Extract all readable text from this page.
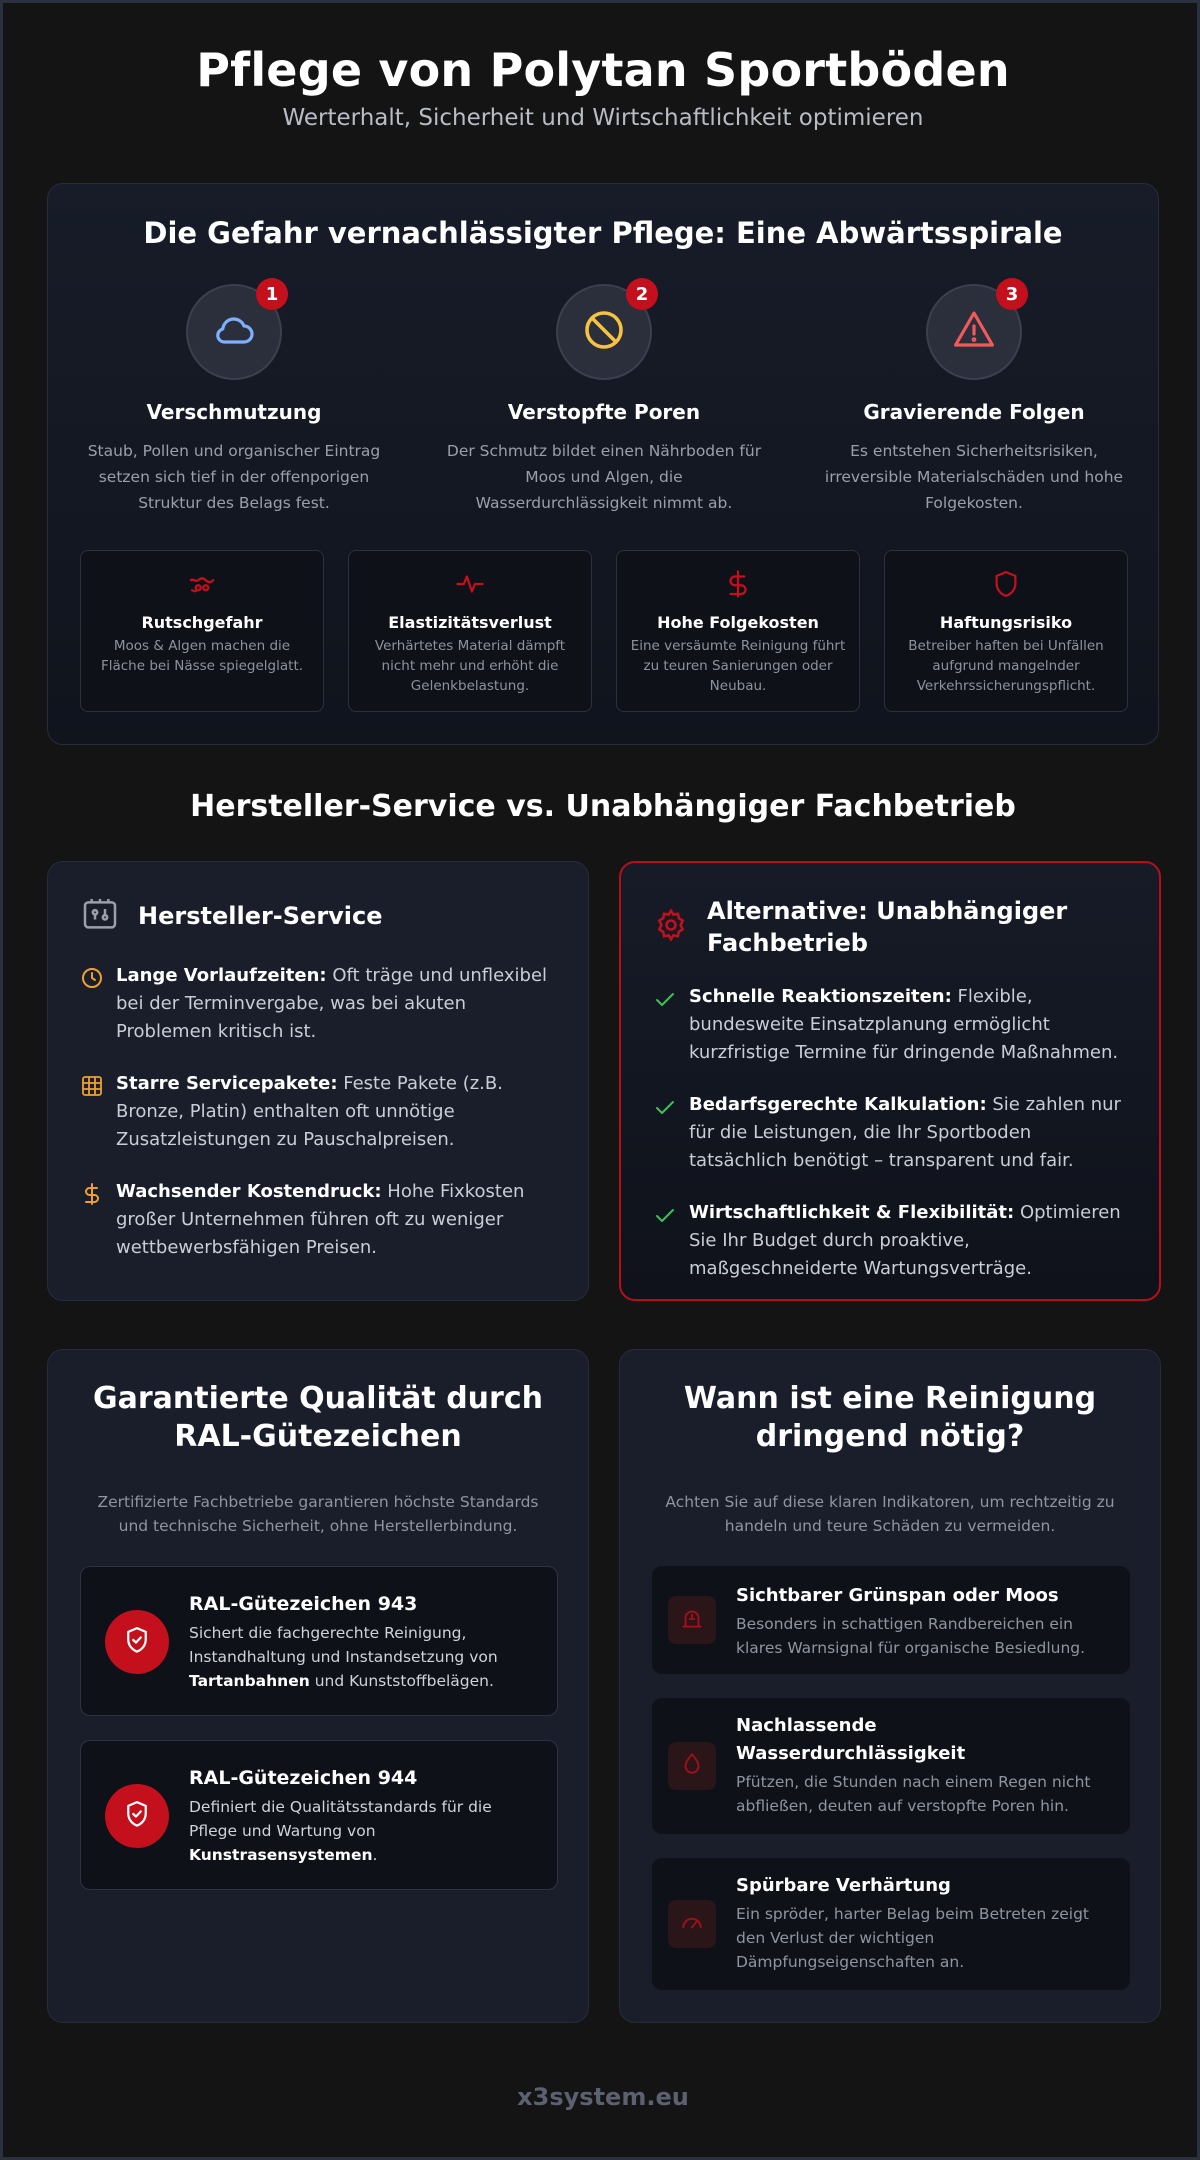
Pflege von Polytan Sportböden

Werterhalt, Sicherheit und Wirtschaftlichkeit optimieren

Die Gefahr vernachlässigter Pflege: Eine Abwärtsspirale
1
Verschmutzung

Staub, Pollen und organischer Eintrag setzen sich tief in der offenporigen Struktur des Belags fest.

2
Verstopfte Poren

Der Schmutz bildet einen Nährboden für Moos und Algen, die Wasserdurchlässigkeit nimmt ab.

3
Gravierende Folgen

Es entstehen Sicherheitsrisiken, irreversible Materialschäden und hohe Folgekosten.

Rutschgefahr

Moos & Algen machen die Fläche bei Nässe spiegelglatt.

Elastizitätsverlust

Verhärtetes Material dämpft nicht mehr und erhöht die Gelenkbelastung.

Hohe Folgekosten

Eine versäumte Reinigung führt zu teuren Sanierungen oder Neubau.

Haftungsrisiko

Betreiber haften bei Unfällen aufgrund mangelnder Verkehrssicherungspflicht.

Hersteller-Service vs. Unabhängiger Fachbetrieb
Hersteller-Service
Lange Vorlaufzeiten: Oft träge und unflexibel bei der Terminvergabe, was bei akuten Problemen kritisch ist.
Starre Servicepakete: Feste Pakete (z.B. Bronze, Platin) enthalten oft unnötige Zusatzleistungen zu Pauschalpreisen.
Wachsender Kostendruck: Hohe Fixkosten großer Unternehmen führen oft zu weniger wettbewerbsfähigen Preisen.
Alternative: Unabhängiger Fachbetrieb
Schnelle Reaktionszeiten: Flexible, bundesweite Einsatzplanung ermöglicht kurzfristige Termine für dringende Maßnahmen.
Bedarfsgerechte Kalkulation: Sie zahlen nur für die Leistungen, die Ihr Sportboden tatsächlich benötigt – transparent und fair.
Wirtschaftlichkeit & Flexibilität: Optimieren Sie Ihr Budget durch proaktive, maßgeschneiderte Wartungsverträge.
Garantierte Qualität durch RAL-Gütezeichen

Zertifizierte Fachbetriebe garantieren höchste Standards und technische Sicherheit, ohne Herstellerbindung.

RAL-Gütezeichen 943

Sichert die fachgerechte Reinigung, Instandhaltung und Instandsetzung von Tartanbahnen und Kunststoffbelägen.

RAL-Gütezeichen 944

Definiert die Qualitätsstandards für die Pflege und Wartung von Kunstrasensystemen.

Wann ist eine Reinigung dringend nötig?

Achten Sie auf diese klaren Indikatoren, um rechtzeitig zu handeln und teure Schäden zu vermeiden.

Sichtbarer Grünspan oder Moos

Besonders in schattigen Randbereichen ein klares Warnsignal für organische Besiedlung.

Nachlassende Wasserdurchlässigkeit

Pfützen, die Stunden nach einem Regen nicht abfließen, deuten auf verstopfte Poren hin.

Spürbare Verhärtung

Ein spröder, harter Belag beim Betreten zeigt den Verlust der wichtigen Dämpfungseigenschaften an.

x3system.eu
